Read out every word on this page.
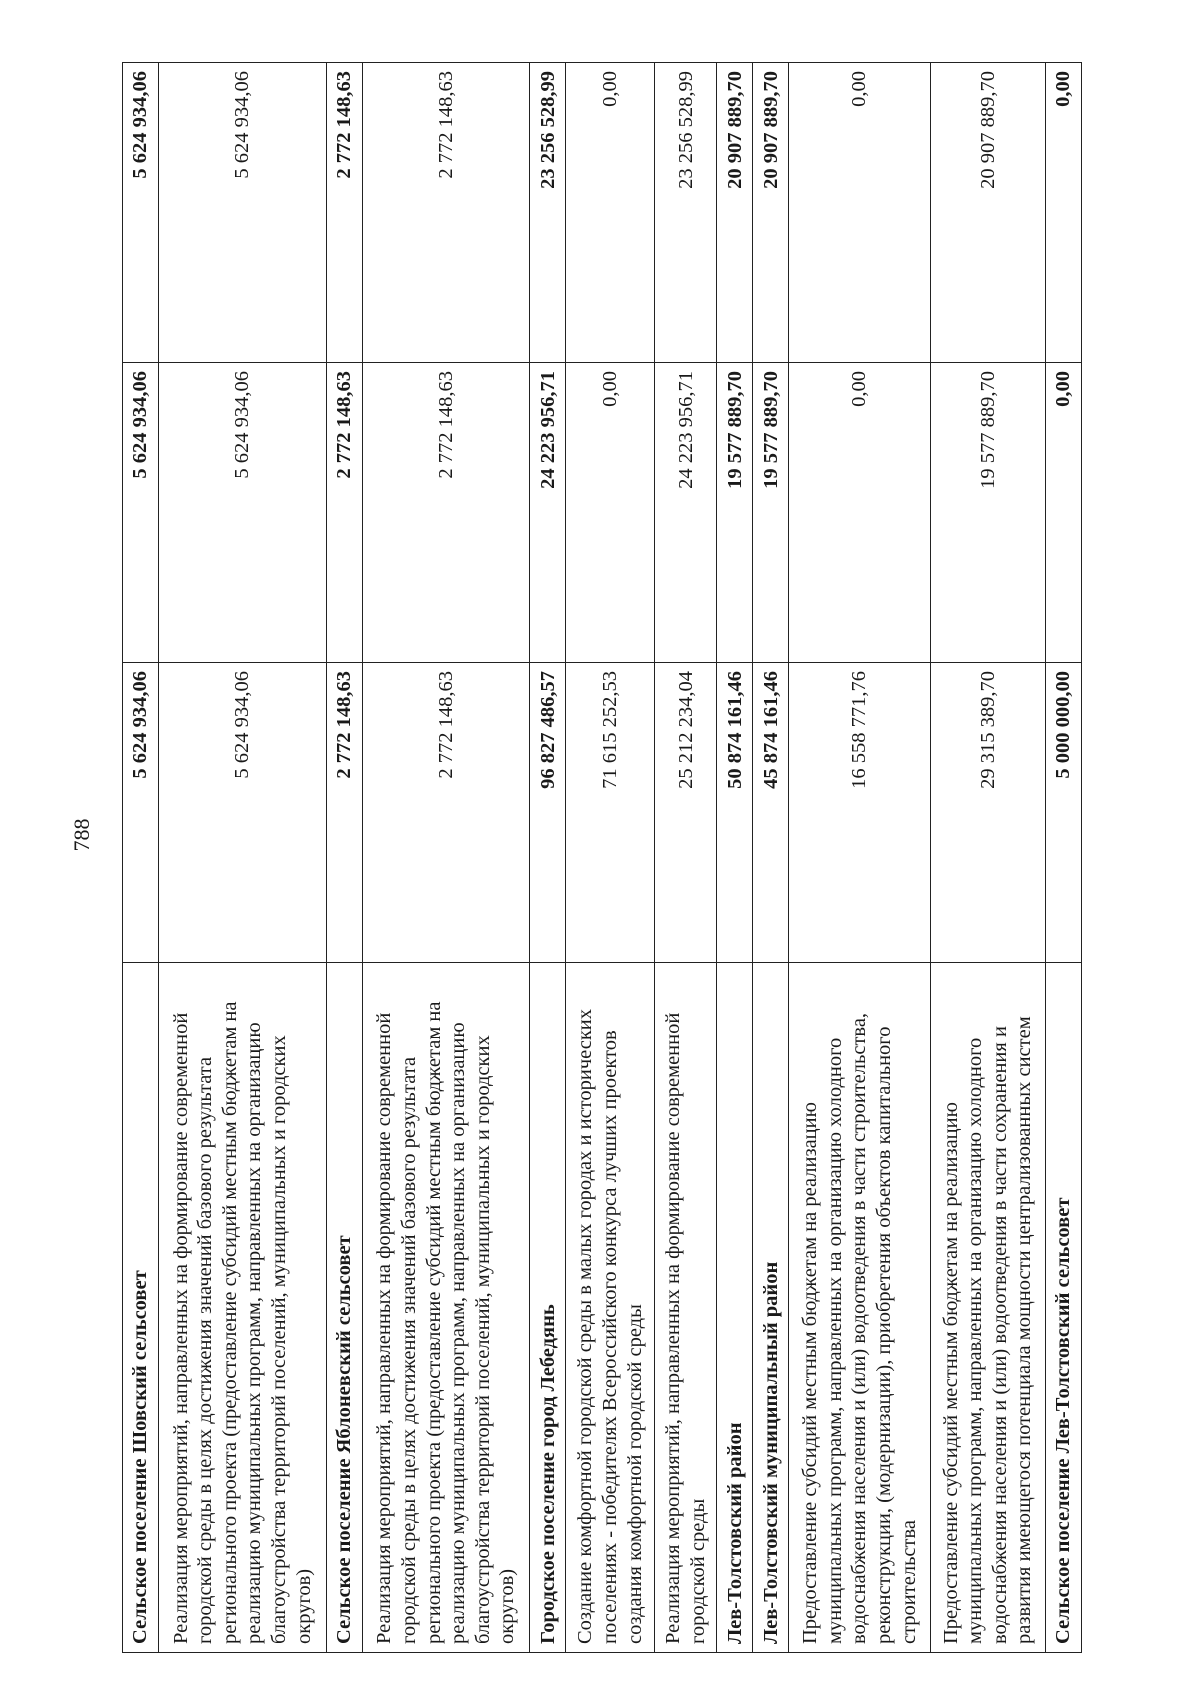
788
Сельское поселение Шовский сельсовет	5 624 934,06	5 624 934,06	5 624 934,06
Реализация мероприятий, направленных на формирование современной городской среды в целях достижения значений базового результата регионального проекта (предоставление субсидий местным бюджетам на реализацию муниципальных программ, направленных на организацию благоустройства территорий поселений, муниципальных и городских округов)	5 624 934,06	5 624 934,06	5 624 934,06
Сельское поселение Яблоневский сельсовет	2 772 148,63	2 772 148,63	2 772 148,63
Реализация мероприятий, направленных на формирование современной городской среды в целях достижения значений базового результата регионального проекта (предоставление субсидий местным бюджетам на реализацию муниципальных программ, направленных на организацию благоустройства территорий поселений, муниципальных и городских округов)	2 772 148,63	2 772 148,63	2 772 148,63
Городское поселение город Лебедянь	96 827 486,57	24 223 956,71	23 256 528,99
Создание комфортной городской среды в малых городах и исторических поселениях - победителях Всероссийского конкурса лучших проектов создания комфортной городской среды	71 615 252,53	0,00	0,00
Реализация мероприятий, направленных на формирование современной городской среды	25 212 234,04	24 223 956,71	23 256 528,99
Лев-Толстовский район	50 874 161,46	19 577 889,70	20 907 889,70
Лев-Толстовский муниципальный район	45 874 161,46	19 577 889,70	20 907 889,70
Предоставление субсидий местным бюджетам на реализацию муниципальных программ, направленных на организацию холодного водоснабжения населения и (или) водоотведения в части строительства, реконструкции, (модернизации), приобретения объектов капитального строительства	16 558 771,76	0,00	0,00
Предоставление субсидий местным бюджетам на реализацию муниципальных программ, направленных на организацию холодного водоснабжения населения и (или) водоотведения в части сохранения и развития имеющегося потенциала мощности централизованных систем	29 315 389,70	19 577 889,70	20 907 889,70
Сельское поселение Лев-Толстовский сельсовет	5 000 000,00	0,00	0,00
